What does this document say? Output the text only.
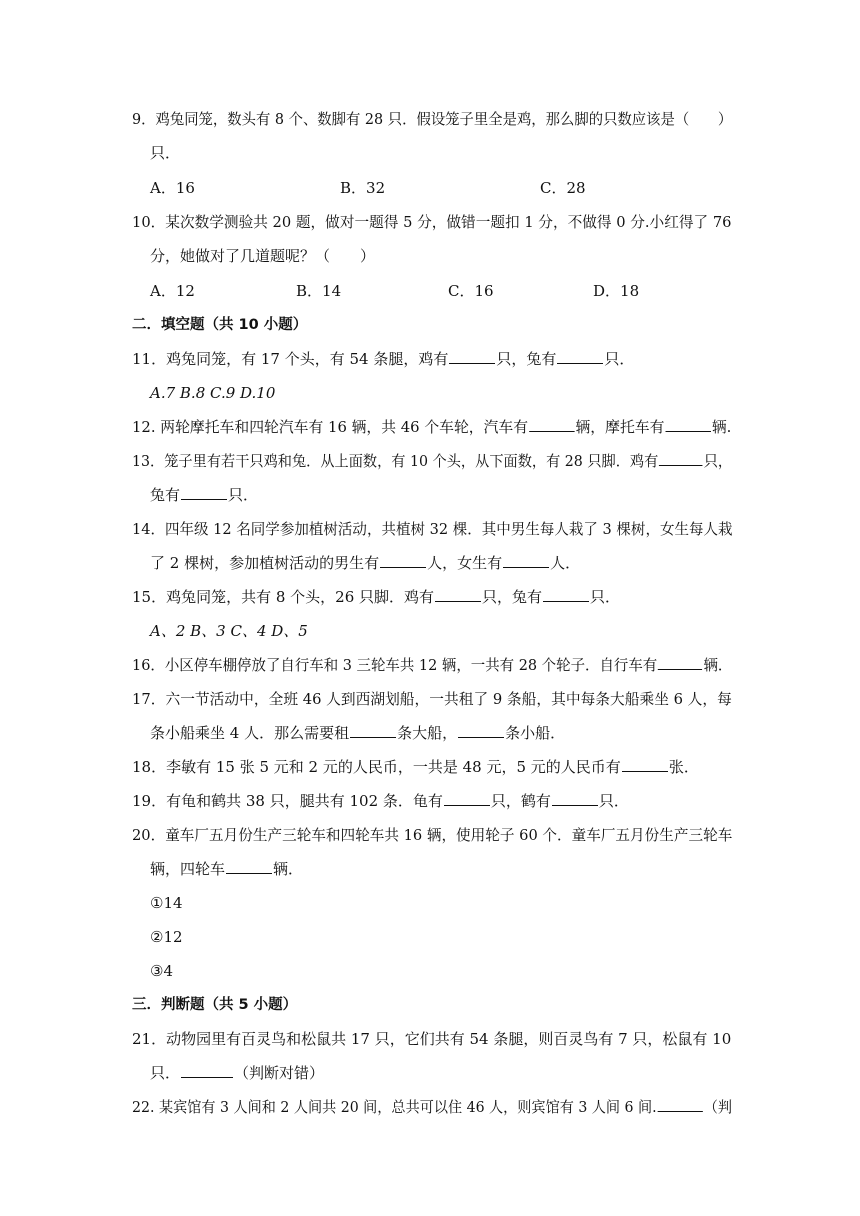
9．鸡兔同笼，数头有 8 个、数脚有 28 只．假设笼子里全是鸡，那么脚的只数应该是（　　）
只．
A．16	B．32	C．28
10．某次数学测验共 20 题，做对一题得 5 分，做错一题扣 1 分，不做得 0 分.小红得了 76
分，她做对了几道题呢？（　　）
A．12	B．14	C．16	D．18
二．填空题（共 10 小题）
11．鸡兔同笼，有 17 个头，有 54 条腿，鸡有	只，兔有	只．
A.7 B.8 C.9 D.10
12. 两轮摩托车和四轮汽车有 16 辆，共 46 个车轮，汽车有	辆，摩托车有	辆.
13．笼子里有若干只鸡和兔．从上面数，有 10 个头，从下面数，有 28 只脚．鸡有	只，
兔有	只．
14．四年级 12 名同学参加植树活动，共植树 32 棵．其中男生每人栽了 3 棵树，女生每人栽
了 2 棵树，参加植树活动的男生有	人，女生有	人．
15．鸡兔同笼，共有 8 个头，26 只脚．鸡有	只，兔有	只．
A、2 B、3 C、4 D、5
16．小区停车棚停放了自行车和 3 三轮车共 12 辆，一共有 28 个轮子．自行车有	辆．
17．六一节活动中，全班 46 人到西湖划船，一共租了 9 条船，其中每条大船乘坐 6 人，每
条小船乘坐 4 人．那么需要租	条大船，	条小船．
18．李敏有 15 张 5 元和 2 元的人民币，一共是 48 元，5 元的人民币有	张．
19．有龟和鹤共 38 只，腿共有 102 条．龟有	只，鹤有	只．
20．童车厂五月份生产三轮车和四轮车共 16 辆，使用轮子 60 个．童车厂五月份生产三轮车
辆，四轮车	辆．
①14
②12
③4
三．判断题（共 5 小题）
21．动物园里有百灵鸟和松鼠共 17 只，它们共有 54 条腿，则百灵鸟有 7 只，松鼠有 10
只．	（判断对错）
22. 某宾馆有 3 人间和 2 人间共 20 间，总共可以住 46 人，则宾馆有 3 人间 6 间.	（判
